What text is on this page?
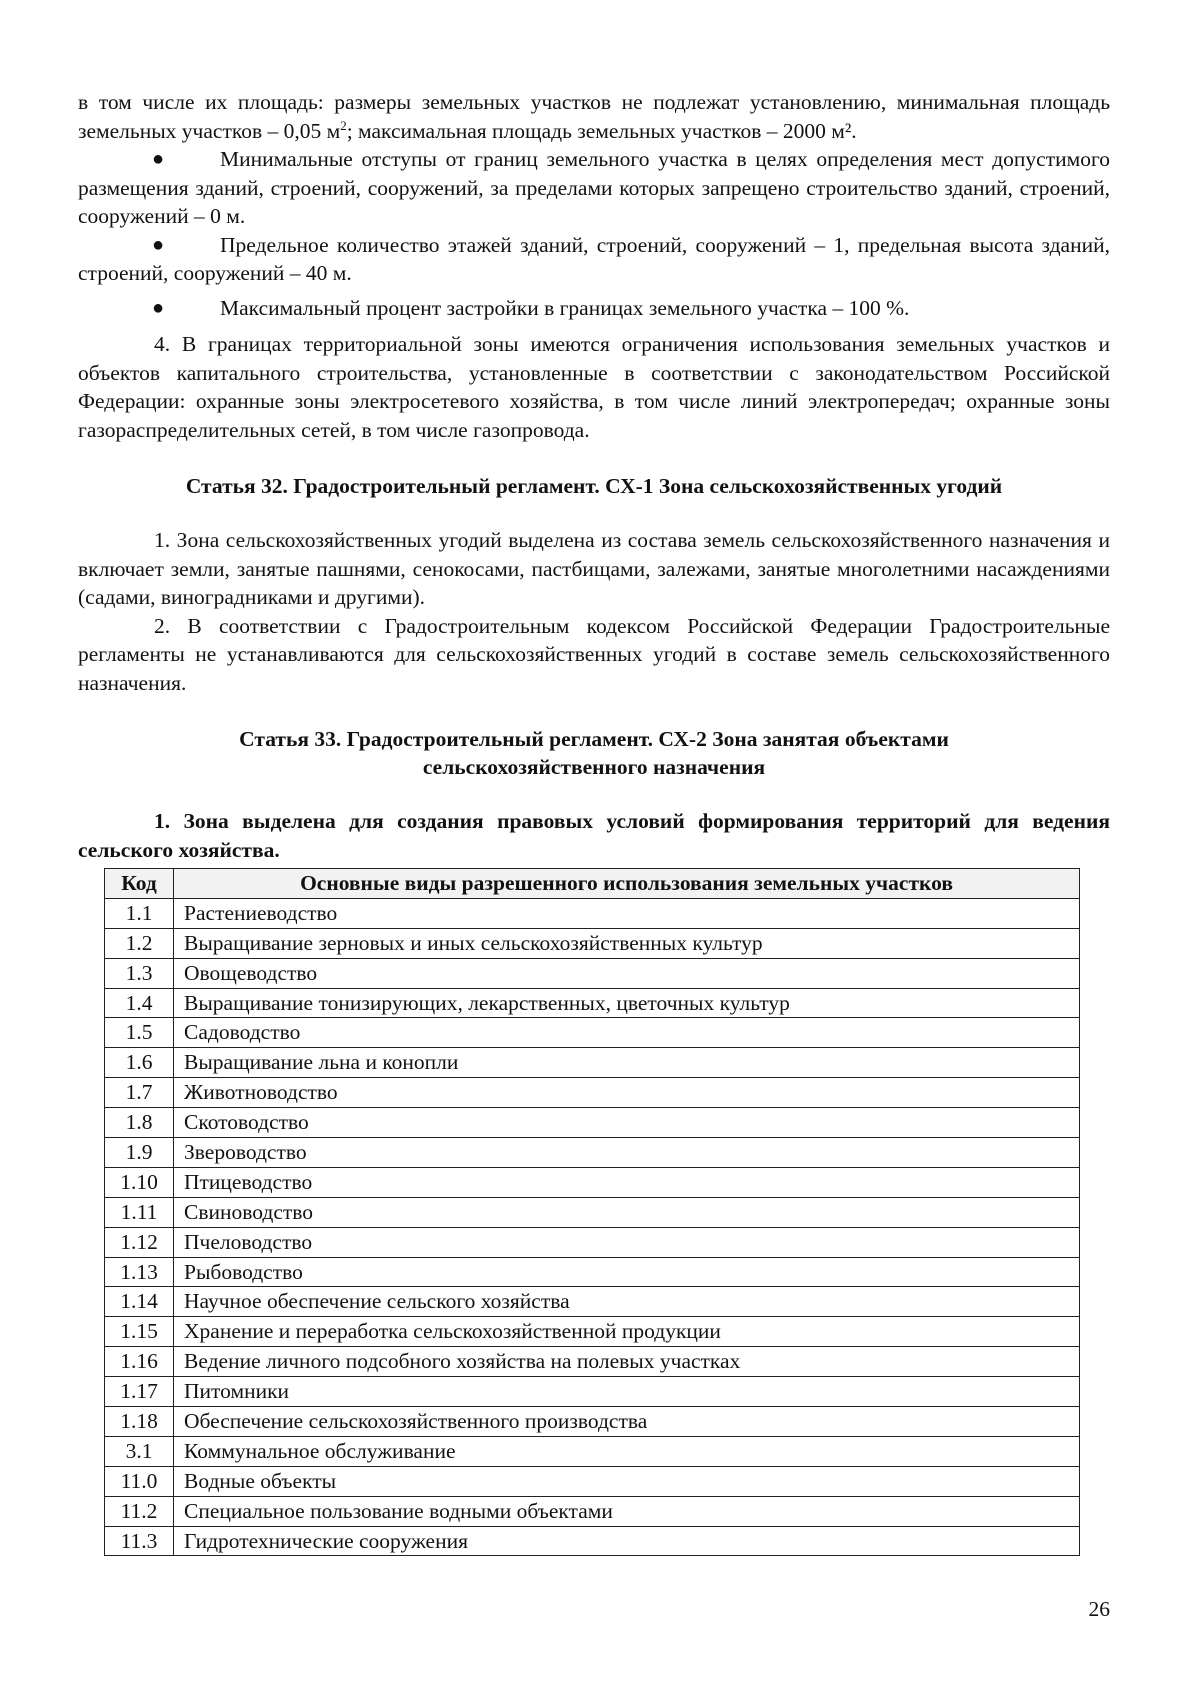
в том числе их площадь: размеры земельных участков не подлежат установлению, минимальная площадь земельных участков – 0,05 $м^2$; максимальная площадь земельных участков – 2000 м².

●	Минимальные отступы от границ земельного участка в целях определения мест допустимого размещения зданий, строений, сооружений, за пределами которых запрещено строительство зданий, строений, сооружений – 0 м.

●	Предельное количество этажей зданий, строений, сооружений – 1, предельная высота зданий, строений, сооружений – 40 м.

●	Максимальный процент застройки в границах земельного участка – 100 %.

4. В границах территориальной зоны имеются ограничения использования земельных участков и объектов капитального строительства, установленные в соответствии с законодательством Российской Федерации: охранные зоны электросетевого хозяйства, в том числе линий электропередач; охранные зоны газораспределительных сетей, в том числе газопровода.

Статья 32. Градостроительный регламент. СХ-1 Зона сельскохозяйственных угодий

1. Зона сельскохозяйственных угодий выделена из состава земель сельскохозяйственного назначения и включает земли, занятые пашнями, сенокосами, пастбищами, залежами, занятые многолетними насаждениями (садами, виноградниками и другими).

2. В соответствии с Градостроительным кодексом Российской Федерации Градостроительные регламенты не устанавливаются для сельскохозяйственных угодий в составе земель сельскохозяйственного назначения.

Статья 33. Градостроительный регламент. СХ-2 Зона занятая объектами
сельскохозяйственного назначения

1. Зона выделена для создания правовых условий формирования территорий для ведения сельского хозяйства.

Код	Основные виды разрешенного использования земельных участков
1.1	Растениеводство
1.2	Выращивание зерновых и иных сельскохозяйственных культур
1.3	Овощеводство
1.4	Выращивание тонизирующих, лекарственных, цветочных культур
1.5	Садоводство
1.6	Выращивание льна и конопли
1.7	Животноводство
1.8	Скотоводство
1.9	Звероводство
1.10	Птицеводство
1.11	Свиноводство
1.12	Пчеловодство
1.13	Рыбоводство
1.14	Научное обеспечение сельского хозяйства
1.15	Хранение и переработка сельскохозяйственной продукции
1.16	Ведение личного подсобного хозяйства на полевых участках
1.17	Питомники
1.18	Обеспечение сельскохозяйственного производства
3.1	Коммунальное обслуживание
11.0	Водные объекты
11.2	Специальное пользование водными объектами
11.3	Гидротехнические сооружения
26
